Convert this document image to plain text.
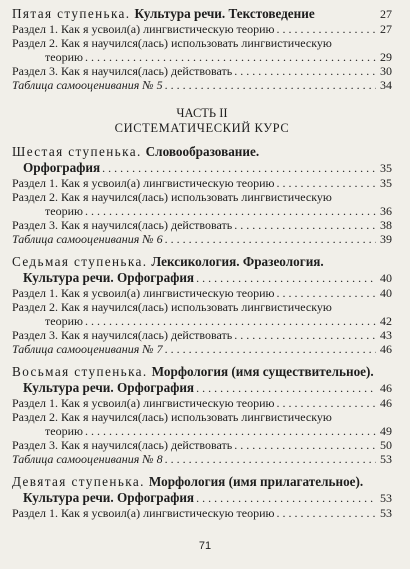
Пятая ступенька. Культура речи. Текстоведение	27
Раздел 1. Как я усвоил(а) лингвистическую теорию . . .	27
Раздел 2. Как я научился(лась) использовать лингвистическую
теорию . . .	29
Раздел 3. Как я научился(лась) действовать . . .	30
Таблица самооценивания № 5 . . .	34
ЧАСТЬ II
СИСТЕМАТИЧЕСКИЙ КУРС
Шестая ступенька. Словообразование.
Орфография . . .	35
Раздел 1. Как я усвоил(а) лингвистическую теорию . . .	35
Раздел 2. Как я научился(лась) использовать лингвистическую
теорию . . .	36
Раздел 3. Как я научился(лась) действовать . . .	38
Таблица самооценивания № 6 . . .	39
Седьмая ступенька. Лексикология. Фразеология.
Культура речи. Орфография . . .	40
Раздел 1. Как я усвоил(а) лингвистическую теорию . . .	40
Раздел 2. Как я научился(лась) использовать лингвистическую
теорию . . .	42
Раздел 3. Как я научился(лась) действовать . . .	43
Таблица самооценивания № 7 . . .	46
Восьмая ступенька. Морфология (имя существительное).
Культура речи. Орфография . . .	46
Раздел 1. Как я усвоил(а) лингвистическую теорию . . .	46
Раздел 2. Как я научился(лась) использовать лингвистическую
теорию . . .	49
Раздел 3. Как я научился(лась) действовать . . .	50
Таблица самооценивания № 8 . . .	53
Девятая ступенька. Морфология (имя прилагательное).
Культура речи. Орфография . . .	53
Раздел 1. Как я усвоил(а) лингвистическую теорию . . .	53
71
